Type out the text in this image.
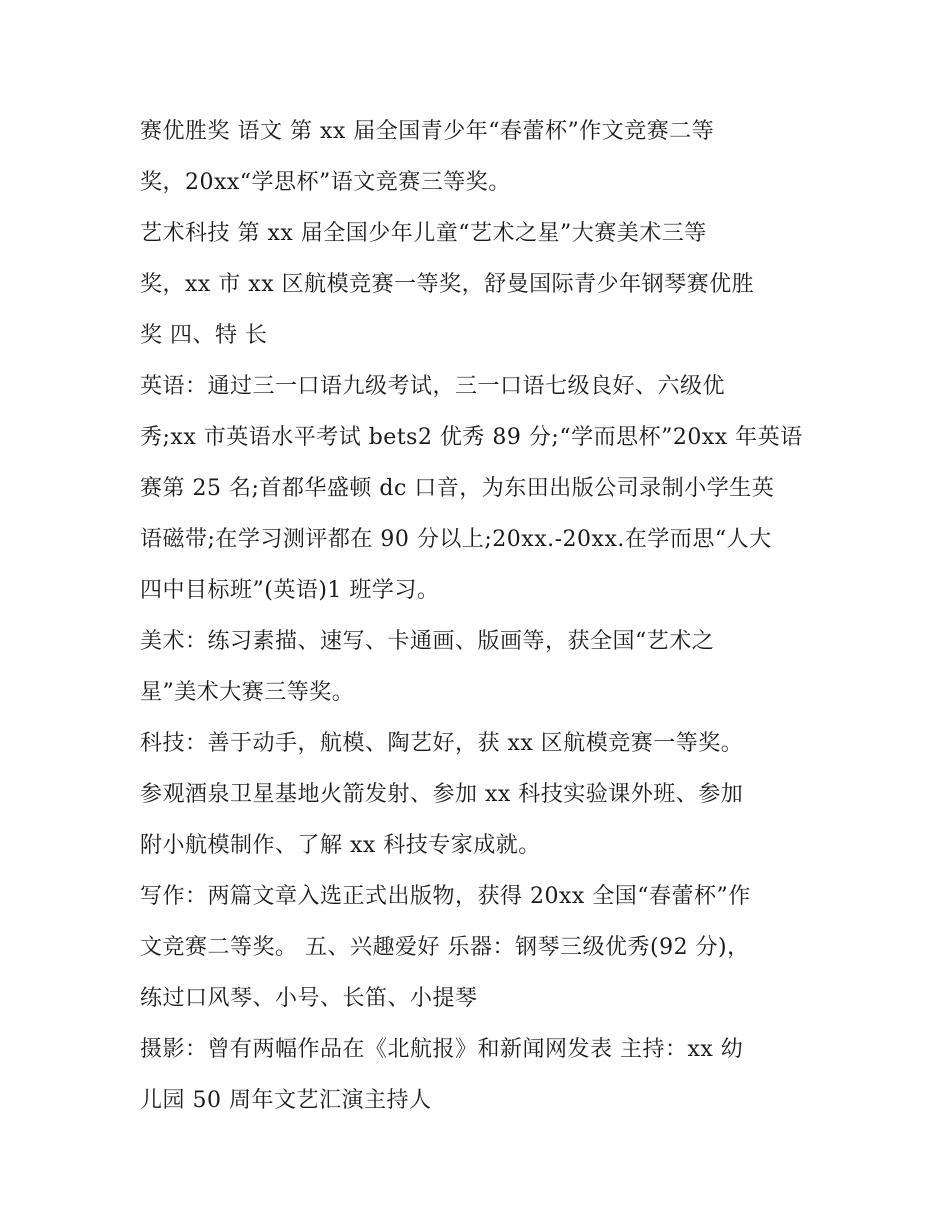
赛优胜奖 语文 第 xx 届全国青少年“春蕾杯”作文竞赛二等
奖，20xx“学思杯”语文竞赛三等奖。
艺术科技 第 xx 届全国少年儿童“艺术之星”大赛美术三等
奖，xx 市 xx 区航模竞赛一等奖，舒曼国际青少年钢琴赛优胜
奖 四、特 长
英语：通过三一口语九级考试，三一口语七级良好、六级优
秀;xx 市英语水平考试 bets2 优秀 89 分;“学而思杯”20xx 年英语
赛第 25 名;首都华盛顿 dc 口音，为东田出版公司录制小学生英
语磁带;在学习测评都在 90 分以上;20xx.-20xx.在学而思“人大
四中目标班”(英语)1 班学习。
美术：练习素描、速写、卡通画、版画等，获全国“艺术之
星”美术大赛三等奖。
科技：善于动手，航模、陶艺好，获 xx 区航模竞赛一等奖。
参观酒泉卫星基地火箭发射、参加 xx 科技实验课外班、参加
附小航模制作、了解 xx 科技专家成就。
写作：两篇文章入选正式出版物，获得 20xx 全国“春蕾杯”作
文竞赛二等奖。 五、兴趣爱好 乐器：钢琴三级优秀(92 分)，
练过口风琴、小号、长笛、小提琴
摄影：曾有两幅作品在《北航报》和新闻网发表 主持：xx 幼
儿园 50 周年文艺汇演主持人
